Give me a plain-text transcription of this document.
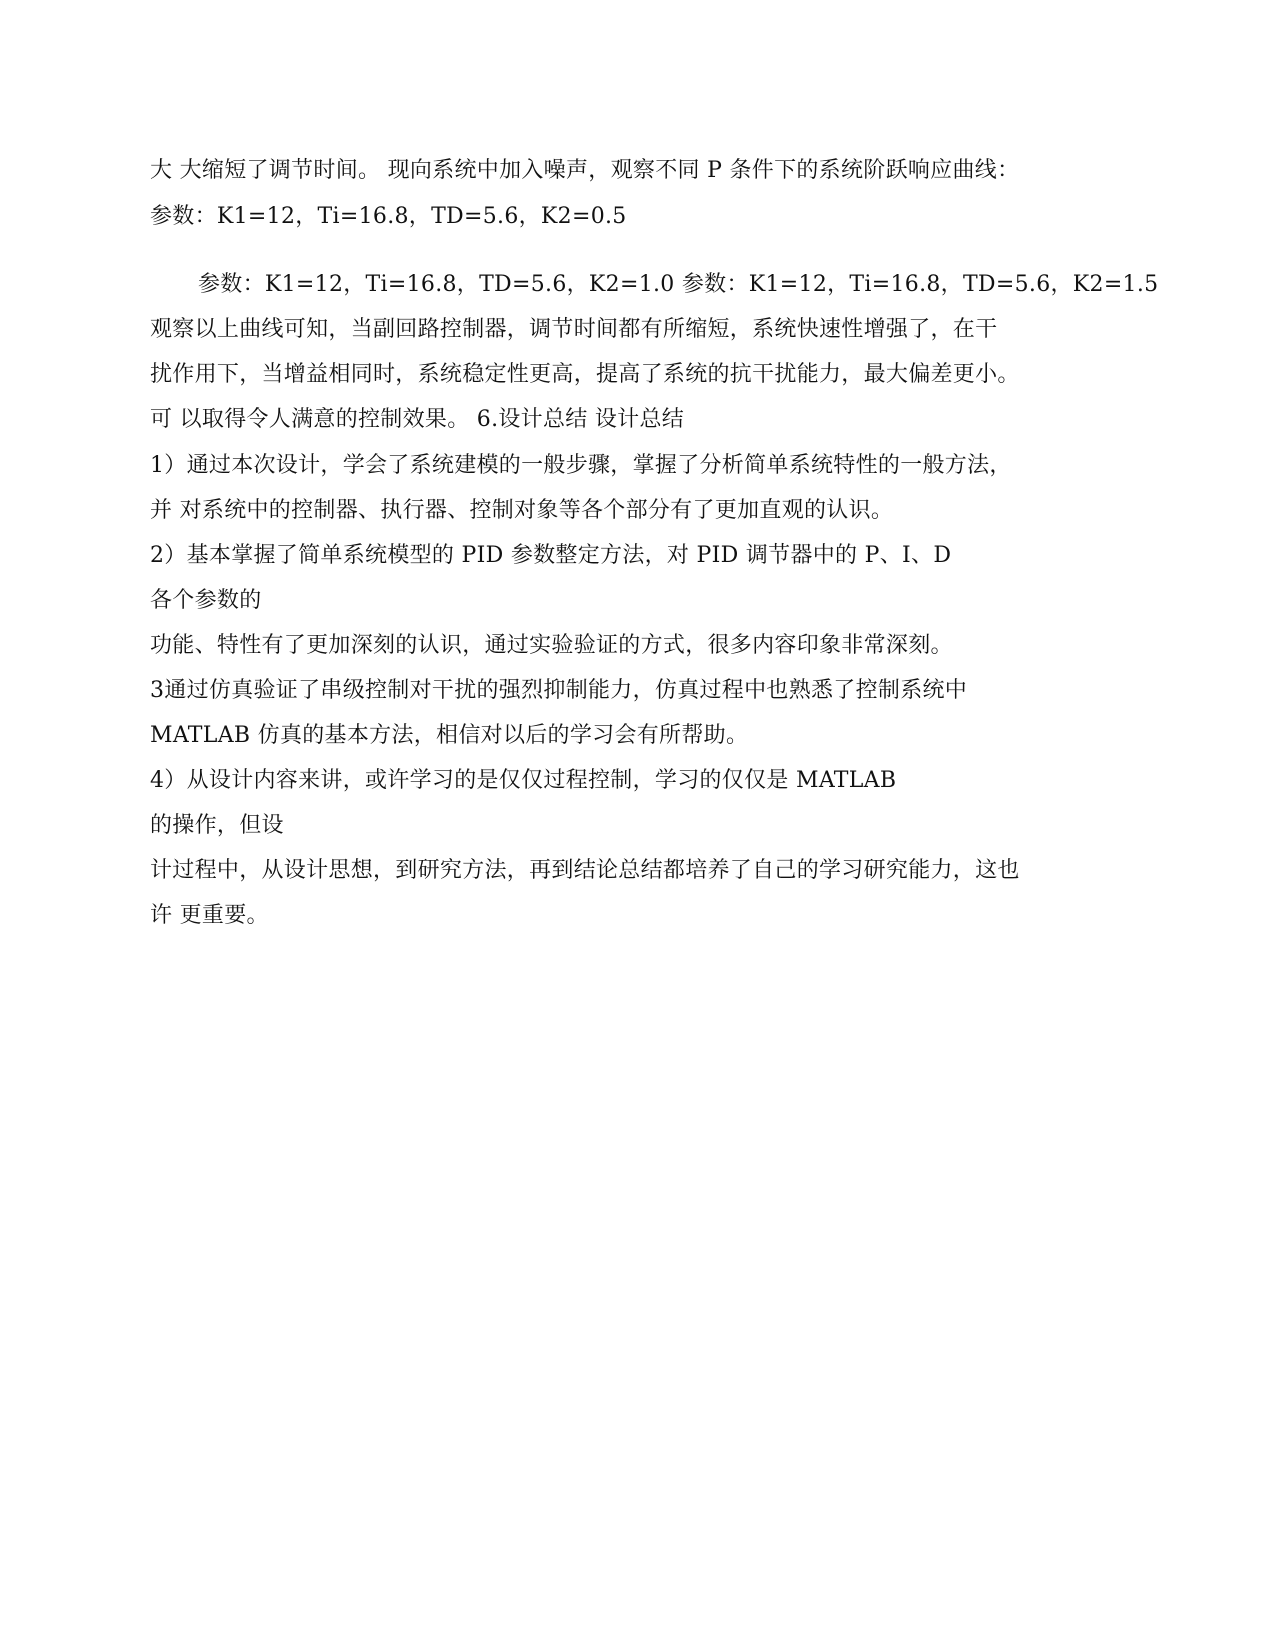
大 大缩短了调节时间。 现向系统中加入噪声，观察不同 P 条件下的系统阶跃响应曲线：
参数：K1=12，Ti=16.8，TD=5.6，K2=0.5
参数：K1=12，Ti=16.8，TD=5.6，K2=1.0 参数：K1=12，Ti=16.8，TD=5.6，K2=1.5
观察以上曲线可知，当副回路控制器，调节时间都有所缩短，系统快速性增强了，在干
扰作用下，当增益相同时，系统稳定性更高，提高了系统的抗干扰能力，最大偏差更小。
可 以取得令人满意的控制效果。 6.设计总结 设计总结
1）通过本次设计，学会了系统建模的一般步骤，掌握了分析简单系统特性的一般方法，
并 对系统中的控制器、执行器、控制对象等各个部分有了更加直观的认识。
2）基本掌握了简单系统模型的 PID 参数整定方法，对 PID 调节器中的 P、I、D
各个参数的
功能、特性有了更加深刻的认识，通过实验验证的方式，很多内容印象非常深刻。
3通过仿真验证了串级控制对干扰的强烈抑制能力，仿真过程中也熟悉了控制系统中
MATLAB 仿真的基本方法，相信对以后的学习会有所帮助。
4）从设计内容来讲，或许学习的是仅仅过程控制，学习的仅仅是 MATLAB
的操作，但设
计过程中，从设计思想，到研究方法，再到结论总结都培养了自己的学习研究能力，这也
许 更重要。
